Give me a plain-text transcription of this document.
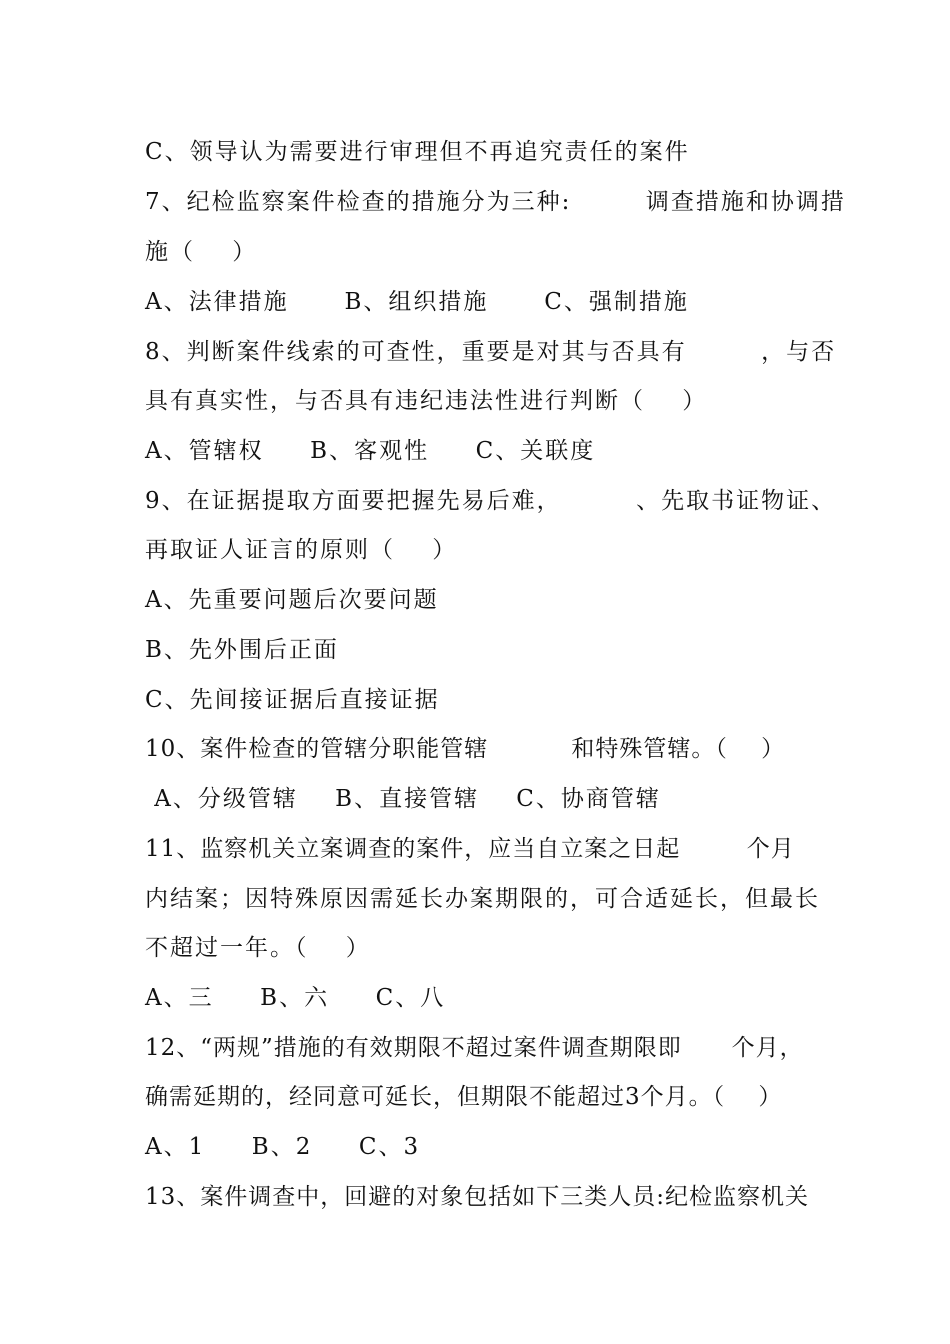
C、领导认为需要进行审理但不再追究责任的案件
7、纪检监察案件检查的措施分为三种:        调查措施和协调措
施（    ）
A、法律措施      B、组织措施      C、强制措施
8、判断案件线索的可查性，重要是对其与否具有        ，与否
具有真实性，与否具有违纪违法性进行判断（    ）
A、管辖权     B、客观性     C、关联度
9、在证据提取方面要把握先易后难，        、先取书证物证、
再取证人证言的原则（    ）
A、先重要问题后次要问题
B、先外围后正面
C、先间接证据后直接证据
10、案件检查的管辖分职能管辖          和特殊管辖。（    ）
A、分级管辖    B、直接管辖    C、协商管辖
11、监察机关立案调查的案件，应当自立案之日起        个月
内结案；因特殊原因需延长办案期限的，可合适延长，但最长
不超过一年。（    ）
A、三     B、六     C、八
12、“两规”措施的有效期限不超过案件调查期限即      个月，
确需延期的，经同意可延长，但期限不能超过3个月。（    ）
A、1     B、2     C、3
13、案件调查中，回避的对象包括如下三类人员:纪检监察机关
